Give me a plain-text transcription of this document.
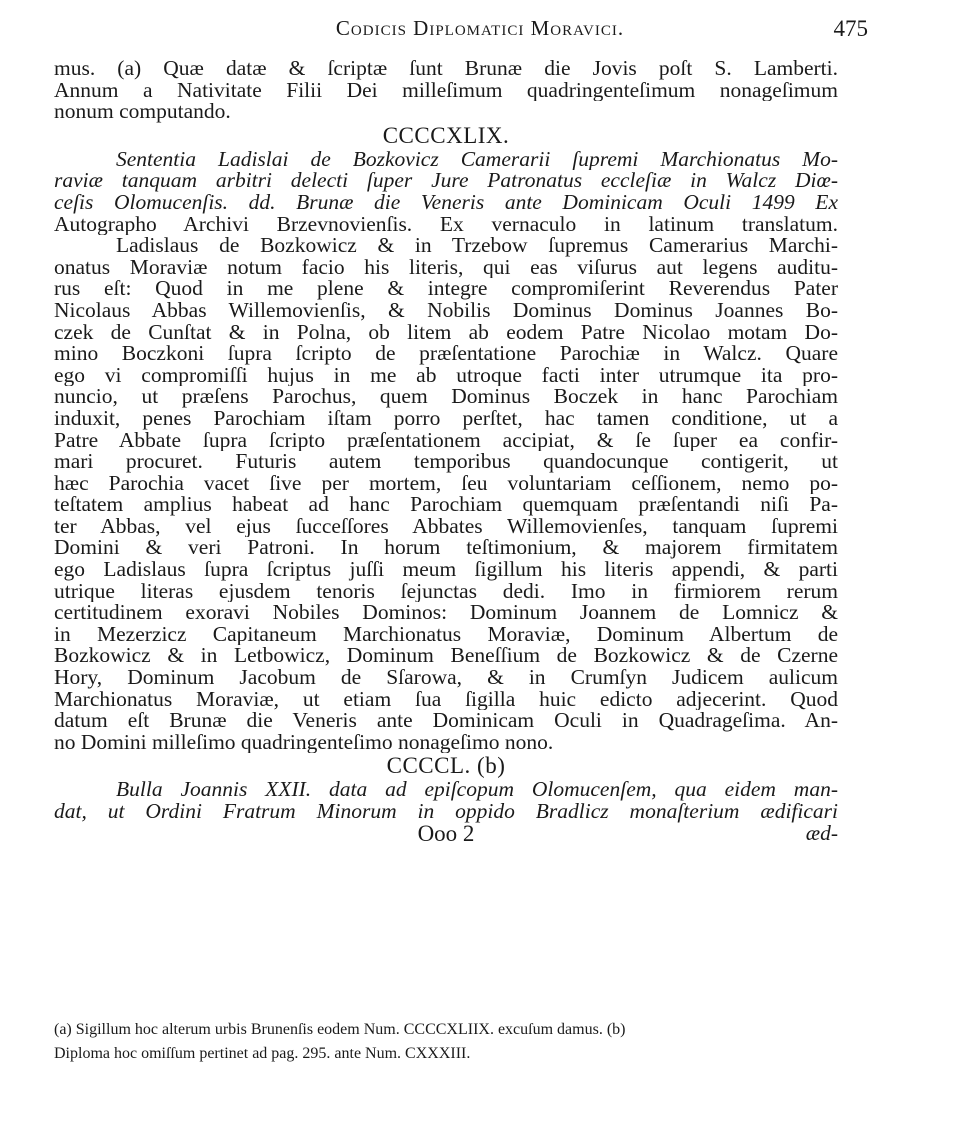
Codicis Diplomatici Moravici.	475
mus. (a) Quæ datæ & ſcriptæ ſunt Brunæ die Jovis poſt S. Lamberti.
Annum a Nativitate Filii Dei milleſimum quadringenteſimum nonageſimum
nonum computando.
CCCCXLIX.
Sententia Ladislai de Bozkovicz Camerarii ſupremi Marchionatus Mo-
raviæ tanquam arbitri delecti ſuper Jure Patronatus eccleſiæ in Walcz Diœ-
ceſis Olomucenſis. dd. Brunæ die Veneris ante Dominicam Oculi 1499 Ex
Autographo Archivi Brzevnovienſis. Ex vernaculo in latinum translatum.
Ladislaus de Bozkowicz & in Trzebow ſupremus Camerarius Marchi-
onatus Moraviæ notum facio his literis, qui eas viſurus aut legens auditu-
rus eſt: Quod in me plene & integre compromiſerint Reverendus Pater
Nicolaus Abbas Willemovienſis, & Nobilis Dominus Dominus Joannes Bo-
czek de Cunſtat & in Polna, ob litem ab eodem Patre Nicolao motam Do-
mino Boczkoni ſupra ſcripto de præſentatione Parochiæ in Walcz. Quare
ego vi compromiſſi hujus in me ab utroque facti inter utrumque ita pro-
nuncio, ut præſens Parochus, quem Dominus Boczek in hanc Parochiam
induxit, penes Parochiam iſtam porro perſtet, hac tamen conditione, ut a
Patre Abbate ſupra ſcripto præſentationem accipiat, & ſe ſuper ea confir-
mari procuret. Futuris autem temporibus quandocunque contigerit, ut
hæc Parochia vacet ſive per mortem, ſeu voluntariam ceſſionem, nemo po-
teſtatem amplius habeat ad hanc Parochiam quemquam præſentandi niſi Pa-
ter Abbas, vel ejus ſucceſſores Abbates Willemovienſes, tanquam ſupremi
Domini & veri Patroni. In horum teſtimonium, & majorem firmitatem
ego Ladislaus ſupra ſcriptus juſſi meum ſigillum his literis appendi, & parti
utrique literas ejusdem tenoris ſejunctas dedi. Imo in firmiorem rerum
certitudinem exoravi Nobiles Dominos: Dominum Joannem de Lomnicz &
in Mezerzicz Capitaneum Marchionatus Moraviæ, Dominum Albertum de
Bozkowicz & in Letbowicz, Dominum Beneſſium de Bozkowicz & de Czerne
Hory, Dominum Jacobum de Sſarowa, & in Crumſyn Judicem aulicum
Marchionatus Moraviæ, ut etiam ſua ſigilla huic edicto adjecerint. Quod
datum eſt Brunæ die Veneris ante Dominicam Oculi in Quadrageſima. An-
no Domini milleſimo quadringenteſimo nonageſimo nono.
CCCCL. (b)
Bulla Joannis XXII. data ad epiſcopum Olomucenſem, qua eidem man-
dat, ut Ordini Fratrum Minorum in oppido Bradlicz monaſterium ædificari
Ooo 2	æd-
(a) Sigillum hoc alterum urbis Brunenſis eodem Num. CCCCXLIIX. excuſum damus. (b)
Diploma hoc omiſſum pertinet ad pag. 295. ante Num. CXXXIII.
